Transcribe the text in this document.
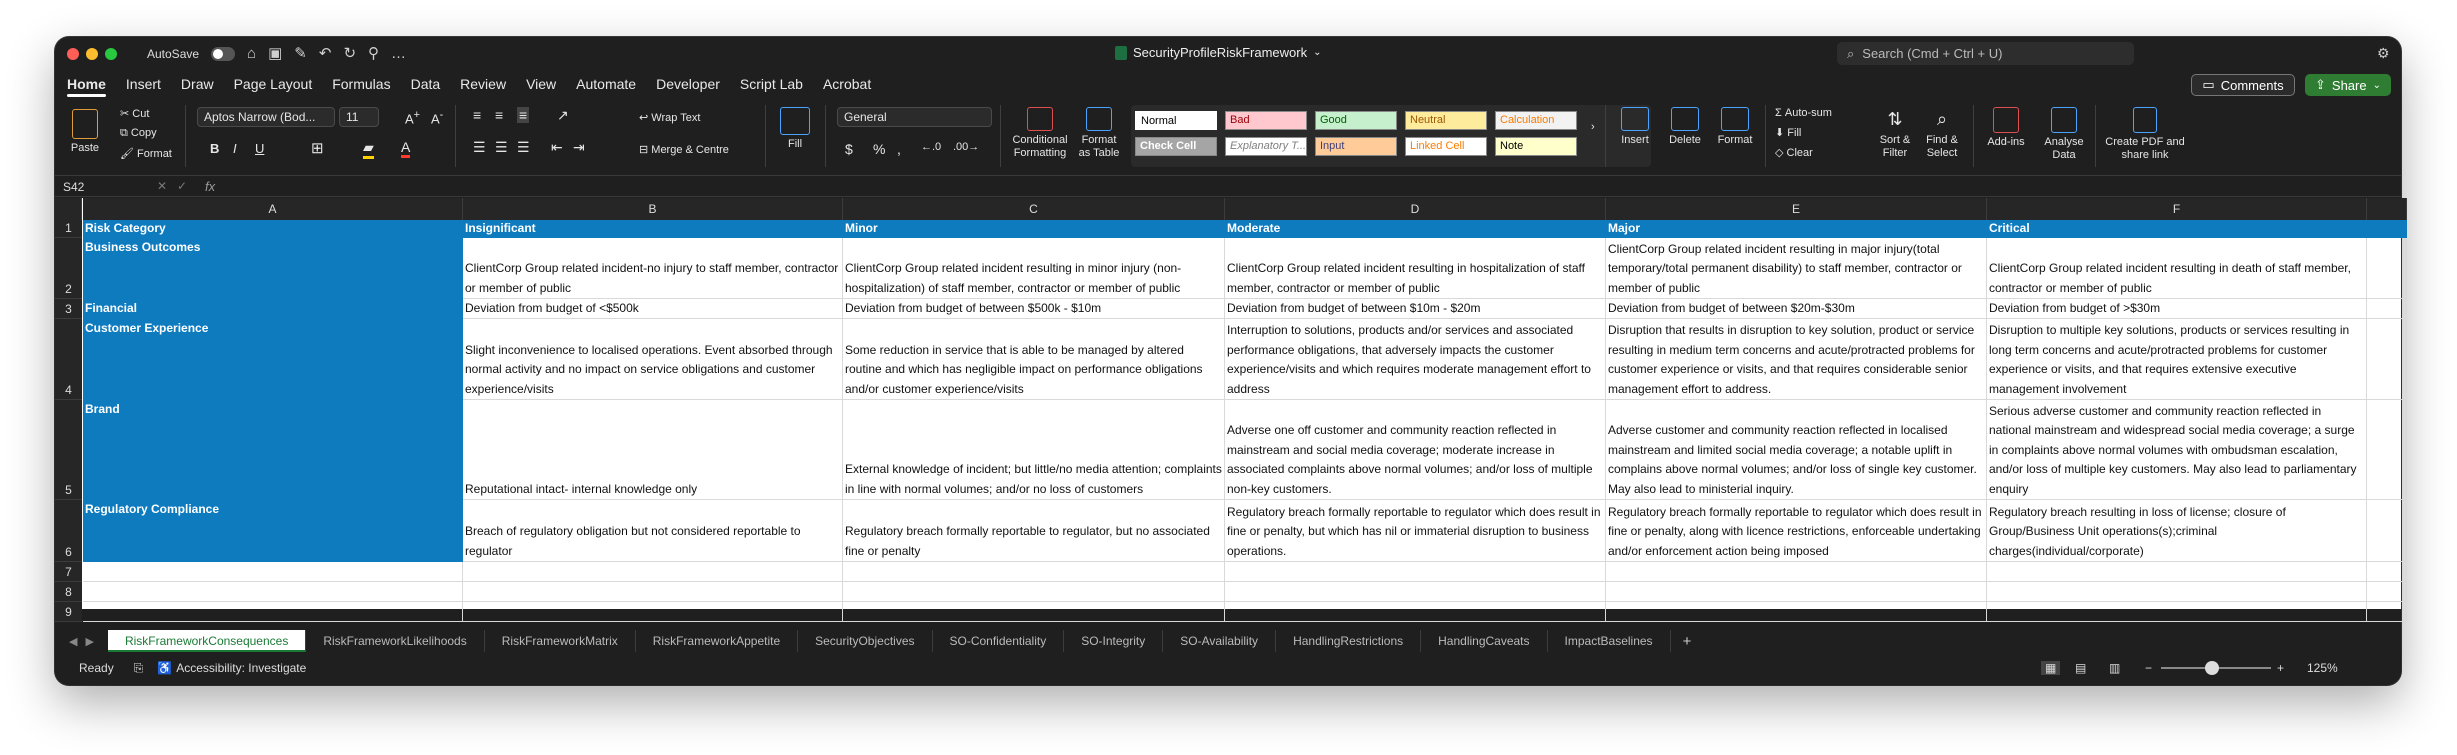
AutoSave	⌂ ▣ ✎ ↶ ↻ ⚲ …	SecurityProfileRiskFramework ⌄	⌕ Search (Cmd + Ctrl + U)	⚙
Home	Insert	Draw	Page Layout	Formulas	Data	Review	View	Automate	Developer	Script Lab	Acrobat	▭ Comments ⇪ Share ⌄
Paste
✂ Cut
⧉ Copy
🖌 Format
Aptos Narrow (Bod...	11	A+ A-
B I U	⊞	▰ A
≡ ≡ ≡ ↗
☰ ☰ ☰ ⇤ ⇥
↩ Wrap Text
⊟ Merge & Centre	Fill
General
$ % , ←.0 .00→
Conditional Formatting
Format as Table
Normal	Bad	Good	Neutral	Calculation
Check Cell	Explanatory T...	Input	Linked Cell	Note
›
Insert	Delete	Format
Σ Auto-sum
⬇ Fill
◇ Clear
⇅
Sort & Filter
⌕
Find & Select
Add-ins Analyse Data
Create PDF and share link
S42	✕ ✓ fx
A	B	C	D	E	F
1	Risk Category	Insignificant	Minor	Moderate	Major	Critical
2
Business Outcomes
ClientCorp Group related incident-no injury to staff member, contractor or member of public
ClientCorp Group related incident resulting in minor injury (non-hospitalization) of staff member, contractor or member of public
ClientCorp Group related incident resulting in hospitalization of staff member, contractor or member of public
ClientCorp Group related incident resulting in major injury(total temporary/total permanent disability) to staff member, contractor or member of public
ClientCorp Group related incident resulting in death of staff member, contractor or member of public
3	Financial	Deviation from budget of <$500k	Deviation from budget of between $500k - $10m	Deviation from budget of between $10m - $20m	Deviation from budget of between $20m-$30m	Deviation from budget of >$30m
4
Customer Experience
Slight inconvenience to localised operations. Event absorbed through normal activity and no impact on service obligations and customer experience/visits
Some reduction in service that is able to be managed by altered routine and which has negligible impact on performance obligations and/or customer experience/visits
Interruption to solutions, products and/or services and associated performance obligations, that adversely impacts the customer experience/visits and which requires moderate management effort to address
Disruption that results in disruption to key solution, product or service resulting in medium term concerns and acute/protracted problems for customer experience or visits, and that requires considerable senior management effort to address.
Disruption to multiple key solutions, products or services resulting in long term concerns and acute/protracted problems for customer experience or visits, and that requires extensive executive management involvement
5
Brand
Reputational intact- internal knowledge only
External knowledge of incident; but little/no media attention; complaints in line with normal volumes; and/or no loss of customers
Adverse one off customer and community reaction reflected in mainstream and social media coverage; moderate increase in associated complaints above normal volumes; and/or loss of multiple non-key customers.
Adverse customer and community reaction reflected in localised mainstream and limited social media coverage; a notable uplift in complains above normal volumes; and/or loss of single key customer. May also lead to ministerial inquiry.
Serious adverse customer and community reaction reflected in national mainstream and widespread social media coverage; a surge in complaints above normal volumes with ombudsman escalation, and/or loss of multiple key customers. May also lead to parliamentary enquiry
6
Regulatory Compliance
Breach of regulatory obligation but not considered reportable to regulator
Regulatory breach formally reportable to regulator, but no associated fine or penalty
Regulatory breach formally reportable to regulator which does result in fine or penalty, but which has nil or immaterial disruption to business operations.
Regulatory breach formally reportable to regulator which does result in fine or penalty, along with licence restrictions, enforceable undertaking and/or enforcement action being imposed
Regulatory breach resulting in loss of license; closure of Group/Business Unit operations(s);criminal charges(individual/corporate)
7
8
9
◀ ▶	RiskFrameworkConsequences	RiskFrameworkLikelihoods	RiskFrameworkMatrix	RiskFrameworkAppetite	SecurityObjectives	SO-Confidentiality	SO-Integrity	SO-Availability	HandlingRestrictions	HandlingCaveats	ImpactBaselines	+
Ready ⎘ ♿ Accessibility: Investigate	▦	▤ ▥ −	+ 125%
